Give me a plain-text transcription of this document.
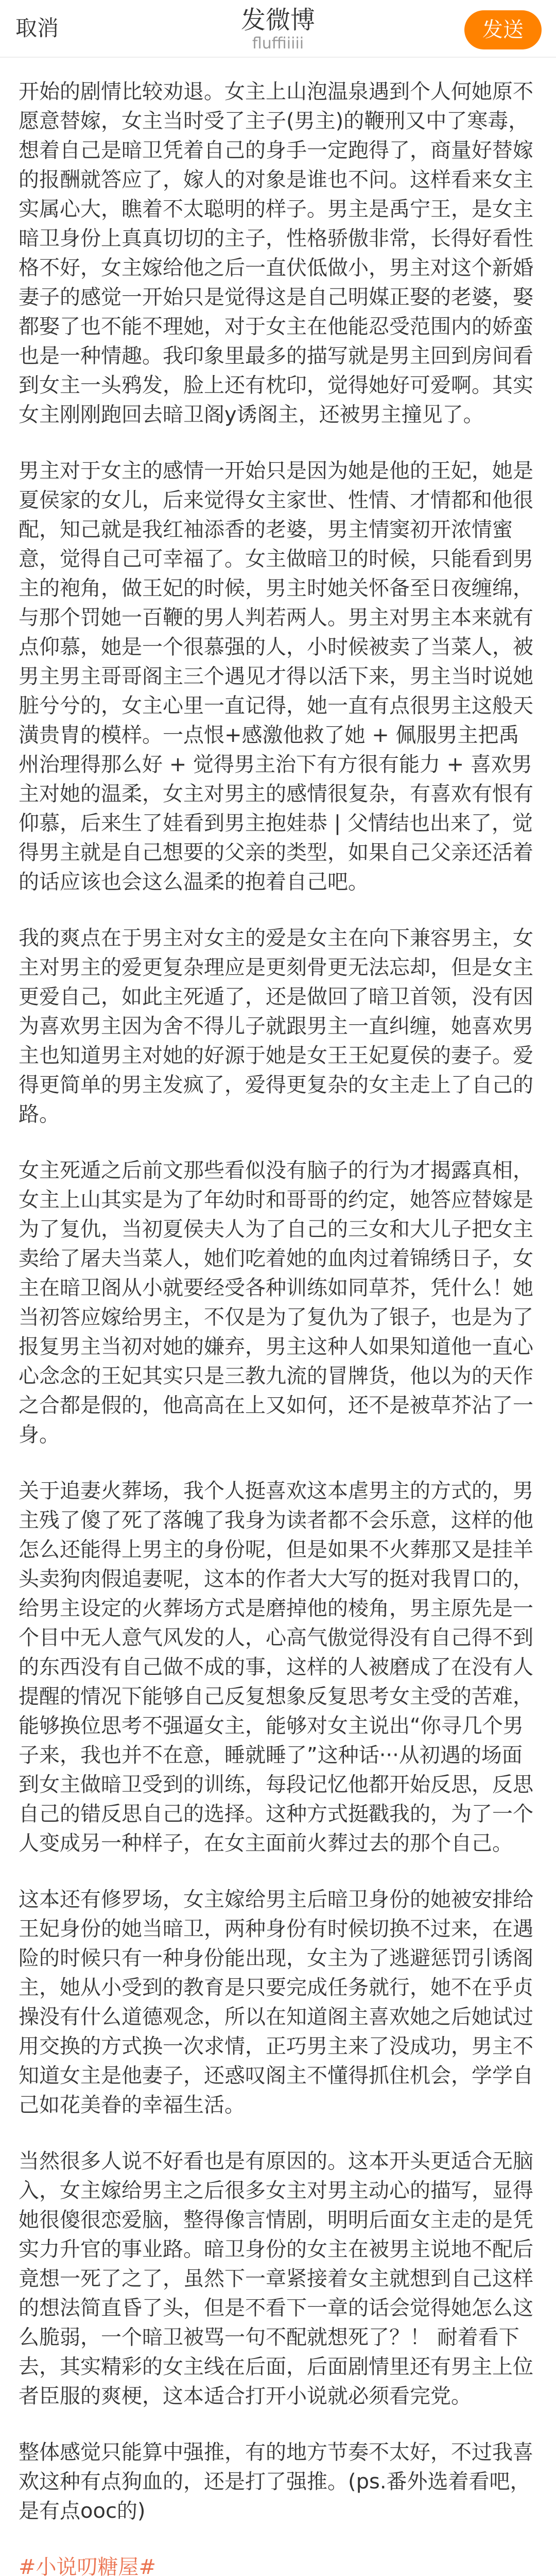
取消	发微博
fluffiiiii
发送

开始的剧情比较劝退。女主上山泡温泉遇到个人何她原不愿意替嫁，女主当时受了主子(男主)的鞭刑又中了寒毒，想着自己是暗卫凭着自己的身手一定跑得了，商量好替嫁的报酬就答应了，嫁人的对象是谁也不问。这样看来女主实属心大，瞧着不太聪明的样子。男主是禹宁王，是女主暗卫身份上真真切切的主子，性格骄傲非常，长得好看性格不好，女主嫁给他之后一直伏低做小，男主对这个新婚妻子的感觉一开始只是觉得这是自己明媒正娶的老婆，娶都娶了也不能不理她，对于女主在他能忍受范围内的娇蛮也是一种情趣。我印象里最多的描写就是男主回到房间看到女主一头鸦发，脸上还有枕印，觉得她好可爱啊。其实女主刚刚跑回去暗卫阁y诱阁主，还被男主撞见了。

男主对于女主的感情一开始只是因为她是他的王妃，她是夏侯家的女儿，后来觉得女主家世、性情、才情都和他很配，知己就是我红袖添香的老婆，男主情窦初开浓情蜜意，觉得自己可幸福了。女主做暗卫的时候，只能看到男主的袍角，做王妃的时候，男主时她关怀备至日夜缠绵，与那个罚她一百鞭的男人判若两人。男主对男主本来就有点仰慕，她是一个很慕强的人，小时候被卖了当菜人，被男主男主哥哥阁主三个遇见才得以活下来，男主当时说她脏兮兮的，女主心里一直记得，她一直有点很男主这般天潢贵胄的模样。一点恨+感激他救了她 + 佩服男主把禹州治理得那么好 + 觉得男主治下有方很有能力 + 喜欢男主对她的温柔，女主对男主的感情很复杂，有喜欢有恨有仰慕，后来生了娃看到男主抱娃恭 | 父情结也出来了，觉得男主就是自己想要的父亲的类型，如果自己父亲还活着的话应该也会这么温柔的抱着自己吧。

我的爽点在于男主对女主的爱是女主在向下兼容男主，女主对男主的爱更复杂理应是更刻骨更无法忘却，但是女主更爱自己，如此主死遁了，还是做回了暗卫首领，没有因为喜欢男主因为舍不得儿子就跟男主一直纠缠，她喜欢男主也知道男主对她的好源于她是女王王妃夏侯的妻子。爱得更简单的男主发疯了，爱得更复杂的女主走上了自己的路。

女主死遁之后前文那些看似没有脑子的行为才揭露真相，女主上山其实是为了年幼时和哥哥的约定，她答应替嫁是为了复仇，当初夏侯夫人为了自己的三女和大儿子把女主卖给了屠夫当菜人，她们吃着她的血肉过着锦绣日子，女主在暗卫阁从小就要经受各种训练如同草芥，凭什么！她当初答应嫁给男主，不仅是为了复仇为了银子，也是为了报复男主当初对她的嫌弃，男主这种人如果知道他一直心心念念的王妃其实只是三教九流的冒牌货，他以为的天作之合都是假的，他高高在上又如何，还不是被草芥沾了一身。

关于追妻火葬场，我个人挺喜欢这本虐男主的方式的，男主残了傻了死了落魄了我身为读者都不会乐意，这样的他怎么还能得上男主的身份呢，但是如果不火葬那又是挂羊头卖狗肉假追妻呢，这本的作者大大写的挺对我胃口的，给男主设定的火葬场方式是磨掉他的棱角，男主原先是一个目中无人意气风发的人，心高气傲觉得没有自己得不到的东西没有自己做不成的事，这样的人被磨成了在没有人提醒的情况下能够自己反复想象反复思考女主受的苦难，能够换位思考不强逼女主，能够对女主说出“你寻几个男子来，我也并不在意，睡就睡了”这种话···从初遇的场面到女主做暗卫受到的训练，每段记忆他都开始反思，反思自己的错反思自己的选择。这种方式挺戳我的，为了一个人变成另一种样子，在女主面前火葬过去的那个自己。

这本还有修罗场，女主嫁给男主后暗卫身份的她被安排给王妃身份的她当暗卫，两种身份有时候切换不过来，在遇险的时候只有一种身份能出现，女主为了逃避惩罚引诱阁主，她从小受到的教育是只要完成任务就行，她不在乎贞操没有什么道德观念，所以在知道阁主喜欢她之后她试过用交换的方式换一次求情，正巧男主来了没成功，男主不知道女主是他妻子，还惑叹阁主不懂得抓住机会，学学自己如花美眷的幸福生活。

当然很多人说不好看也是有原因的。这本开头更适合无脑入，女主嫁给男主之后很多女主对男主动心的描写，显得她很傻很恋爱脑，整得像言情剧，明明后面女主走的是凭实力升官的事业路。暗卫身份的女主在被男主说地不配后竟想一死了之了，虽然下一章紧接着女主就想到自己这样的想法简直昏了头，但是不看下一章的话会觉得她怎么这么脆弱，一个暗卫被骂一句不配就想死了？！ 耐着看下去，其实精彩的女主线在后面，后面剧情里还有男主上位者臣服的爽梗，这本适合打开小说就必须看完党。

整体感觉只能算中强推，有的地方节奏不太好，不过我喜欢这种有点狗血的，还是打了强推。(ps.番外选着看吧，是有点ooc的)

#小说叨糖屋#
